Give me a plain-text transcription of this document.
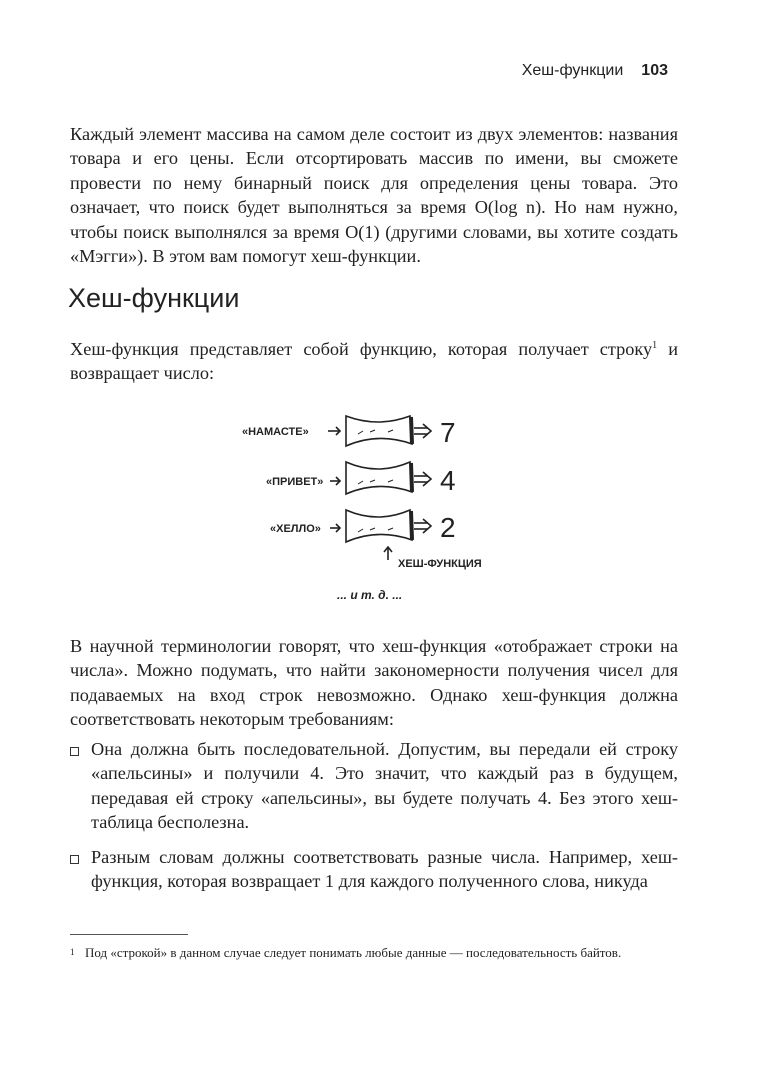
Хеш-функции 103

Каждый элемент массива на самом деле состоит из двух элементов: названия товара и его цены. Если отсортировать массив по имени, вы сможете провести по нему бинарный поиск для определения цены товара. Это означает, что поиск будет выполняться за время O(log n). Но нам нужно, чтобы поиск выполнялся за время O(1) (другими словами, вы хотите создать «Мэгги»). В этом вам помогут хеш-функции.

Хеш-функции

Хеш-функция представляет собой функцию, которая получает строку$^1$ и возвращает число:

«НАМАСТЕ»	7
«ПРИВЕТ»	4
«ХЕЛЛО»	2
ХЕШ-ФУНКЦИЯ
... и т. д. ...

В научной терминологии говорят, что хеш-функция «отображает строки на числа». Можно подумать, что найти закономерности получения чисел для подаваемых на вход строк невозможно. Однако хеш-функция должна соответствовать некоторым требованиям:

Она должна быть последовательной. Допустим, вы передали ей строку «апельсины» и получили 4. Это значит, что каждый раз в будущем, передавая ей строку «апельсины», вы будете получать 4. Без этого хеш-таблица бесполезна.
Разным словам должны соответствовать разные числа. Например, хеш-функция, которая возвращает 1 для каждого полученного слова, никуда
1 Под «строкой» в данном случае следует понимать любые данные — последовательность байтов.
